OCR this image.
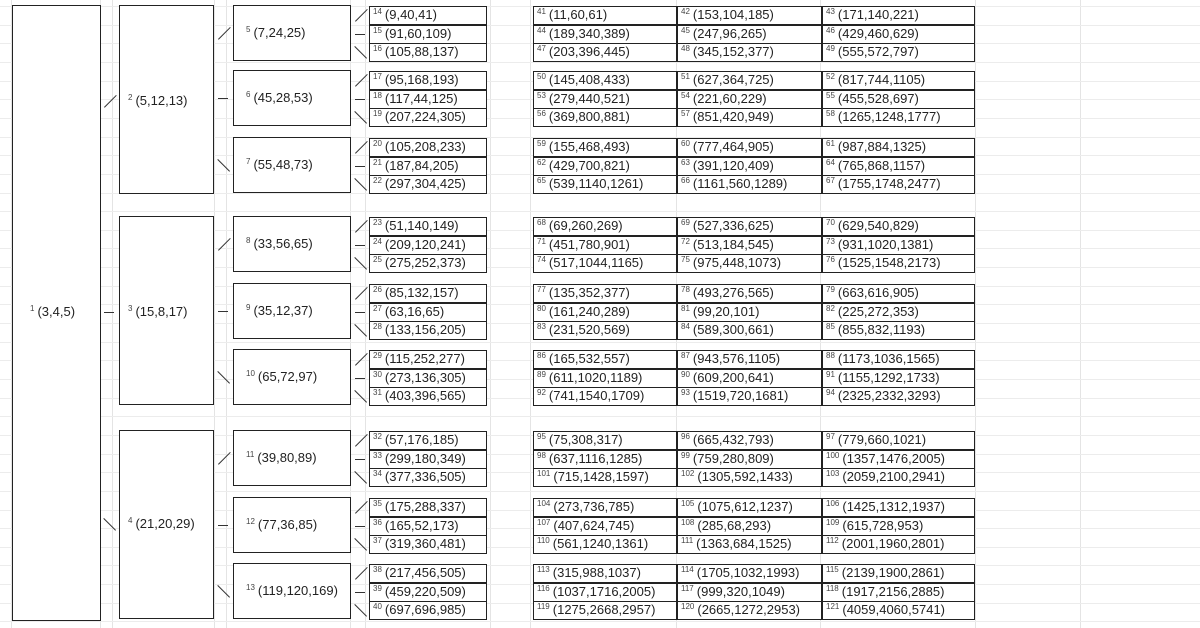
$^1$ (3,4,5)
$^2$ (5,12,13)
$^3$ (15,8,17)
$^4$ (21,20,29)
$^5$ (7,24,25)
$^6$ (45,28,53)
$^7$ (55,48,73)
$^8$ (33,56,65)
$^9$ (35,12,37)
$^{10}$ (65,72,97)
$^{11}$ (39,80,89)
$^{12}$ (77,36,85)
$^{13}$ (119,120,169)
$^{14}$ (9,40,41)
$^{15}$ (91,60,109)
$^{16}$ (105,88,137)
$^{17}$ (95,168,193)
$^{18}$ (117,44,125)
$^{19}$ (207,224,305)
$^{20}$ (105,208,233)
$^{21}$ (187,84,205)
$^{22}$ (297,304,425)
$^{23}$ (51,140,149)
$^{24}$ (209,120,241)
$^{25}$ (275,252,373)
$^{26}$ (85,132,157)
$^{27}$ (63,16,65)
$^{28}$ (133,156,205)
$^{29}$ (115,252,277)
$^{30}$ (273,136,305)
$^{31}$ (403,396,565)
$^{32}$ (57,176,185)
$^{33}$ (299,180,349)
$^{34}$ (377,336,505)
$^{35}$ (175,288,337)
$^{36}$ (165,52,173)
$^{37}$ (319,360,481)
$^{38}$ (217,456,505)
$^{39}$ (459,220,509)
$^{40}$ (697,696,985)
$^{41}$ (11,60,61)	$^{42}$ (153,104,185)	$^{43}$ (171,140,221)
$^{44}$ (189,340,389)	$^{45}$ (247,96,265)	$^{46}$ (429,460,629)
$^{47}$ (203,396,445)	$^{48}$ (345,152,377)	$^{49}$ (555,572,797)
$^{50}$ (145,408,433)	$^{51}$ (627,364,725)	$^{52}$ (817,744,1105)
$^{53}$ (279,440,521)	$^{54}$ (221,60,229)	$^{55}$ (455,528,697)
$^{56}$ (369,800,881)	$^{57}$ (851,420,949)	$^{58}$ (1265,1248,1777)
$^{59}$ (155,468,493)	$^{60}$ (777,464,905)	$^{61}$ (987,884,1325)
$^{62}$ (429,700,821)	$^{63}$ (391,120,409)	$^{64}$ (765,868,1157)
$^{65}$ (539,1140,1261)	$^{66}$ (1161,560,1289)	$^{67}$ (1755,1748,2477)
$^{68}$ (69,260,269)	$^{69}$ (527,336,625)	$^{70}$ (629,540,829)
$^{71}$ (451,780,901)	$^{72}$ (513,184,545)	$^{73}$ (931,1020,1381)
$^{74}$ (517,1044,1165)	$^{75}$ (975,448,1073)	$^{76}$ (1525,1548,2173)
$^{77}$ (135,352,377)	$^{78}$ (493,276,565)	$^{79}$ (663,616,905)
$^{80}$ (161,240,289)	$^{81}$ (99,20,101)	$^{82}$ (225,272,353)
$^{83}$ (231,520,569)	$^{84}$ (589,300,661)	$^{85}$ (855,832,1193)
$^{86}$ (165,532,557)	$^{87}$ (943,576,1105)	$^{88}$ (1173,1036,1565)
$^{89}$ (611,1020,1189)	$^{90}$ (609,200,641)	$^{91}$ (1155,1292,1733)
$^{92}$ (741,1540,1709)	$^{93}$ (1519,720,1681)	$^{94}$ (2325,2332,3293)
$^{95}$ (75,308,317)	$^{96}$ (665,432,793)	$^{97}$ (779,660,1021)
$^{98}$ (637,1116,1285)	$^{99}$ (759,280,809)	$^{100}$ (1357,1476,2005)
$^{101}$ (715,1428,1597)	$^{102}$ (1305,592,1433)	$^{103}$ (2059,2100,2941)
$^{104}$ (273,736,785)	$^{105}$ (1075,612,1237)	$^{106}$ (1425,1312,1937)
$^{107}$ (407,624,745)	$^{108}$ (285,68,293)	$^{109}$ (615,728,953)
$^{110}$ (561,1240,1361)	$^{111}$ (1363,684,1525)	$^{112}$ (2001,1960,2801)
$^{113}$ (315,988,1037)	$^{114}$ (1705,1032,1993)	$^{115}$ (2139,1900,2861)
$^{116}$ (1037,1716,2005)	$^{117}$ (999,320,1049)	$^{118}$ (1917,2156,2885)
$^{119}$ (1275,2668,2957)	$^{120}$ (2665,1272,2953)	$^{121}$ (4059,4060,5741)
